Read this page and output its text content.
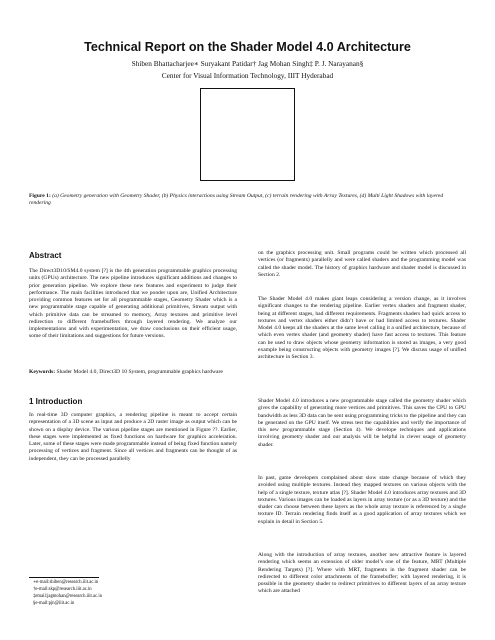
Technical Report on the Shader Model 4.0 Architecture
Shiben Bhattacharjee∗ Suryakant Patidar† Jag Mohan Singh‡ P. J. Narayanan§
Center for Visual Information Technology, IIIT Hyderabad
Figure 1: (a) Geometry generation with Geometry Shader, (b) Physics interactions using Stream Output, (c) terrain rendering with Array Textures, (d) Multi Light Shadows with layered rendering
Abstract

The Direct3D10/SM4.0 system [?] is the 4th generation programmable graphics processing units (GPUs) architecture. The new pipeline introduces significant additions and changes to prior generation pipeline. We explore these new features and experiment to judge their performance. The main facilities introduced that we ponder upon are, Unified Architecture providing common features set for all programmable stages, Geometry Shader which is a new programmable stage capable of generating additional primitives, Stream output with which primitive data can be streamed to memory, Array textures and primitive level redirection to different framebuffers through layered rendering. We analyze our implementations and with experimentation, we draw conclusions on their efficient usage, some of their limitations and suggestions for future versions.

Keywords: Shader Model 4.0, Direct3D 10 System, programmable graphics hardware

1 Introduction

In real-time 3D computer graphics, a rendering pipeline is meant to accept certain representation of a 3D scene as input and produce a 2D raster image as output which can be shown on a display device. The various pipeline stages are mentioned in Figure ??. Earlier, these stages were implemented as fixed functions on hardware for graphics acceleration. Later, some of these stages were made programmable instead of being fixed function namely processing of vertices and fragment. Since all vertices and fragments can be thought of as independent, they can be processed parallelly

∗e-mail:shiben@research.iiit.ac.in
†e-mail:skp@research.iiit.ac.in
‡email:jagmohan@research.iiit.ac.in
§e-mail:pjn@iiit.ac.in

on the graphics processing unit. Small programs could be written which processed all vertices (or fragments) parallelly and were called shaders and the programming model was called the shader model. The history of graphics hardware and shader model is discussed in Section 2.

The Shader Model 4.0 makes giant leaps considering a version change, as it involves significant changes to the rendering pipeline. Earlier vertex shaders and fragment shader, being at different stages, had different requirements. Fragments shaders had quick access to textures and vertex shaders either didn’t have or had limited access to textures. Shader Model 4.0 keeps all the shaders at the same level calling it a unified architecture, because of which even vertex shader (and geometry shader) have fast access to textures. This feature can be used to draw objects whose geometry information is stored as images, a very good example being constructing objects with geometry images [?]. We discuss usage of unified architecture in Section 3.

Shader Model 4.0 introduces a new programmable stage called the geometry shader which gives the capability of generating more vertices and primitives. This saves the CPU to GPU bandwidth as less 3D data can be sent using programming tricks to the pipeline and they can be generated on the GPU itself. We stress test the capabilities and verify the importance of this new programmable stage (Section 4). We develope techniques and applications involving geometry shader and our analysis will be helpful in clever usage of geometry shader.

In past, game developers complained about slow state change because of which they avoided using multiple textures. Instead they mapped textures on various objects with the help of a single texture, texture atlas [?]. Shader Model 4.0 introduces array textures and 3D textures. Various images can be loaded as layers in array texture (or as a 3D texture) and the shader can choose between these layers as the whole array texture is referenced by a single texture ID. Terrain rendering finds itself as a good application of array textures which we explain in detail in Section 5.

Along with the introduction of array textures, another new attractive feature is layered rendering which seems an extension of older model’s one of the feature, MRT (Multiple Rendering Targets) [?]. Where with MRT, fragments in the fragment shader can be redirected to different color attachments of the framebuffer; with layered rendering, it is possible in the geometry shader to redirect primitives to different layers of an array texture which are attached
